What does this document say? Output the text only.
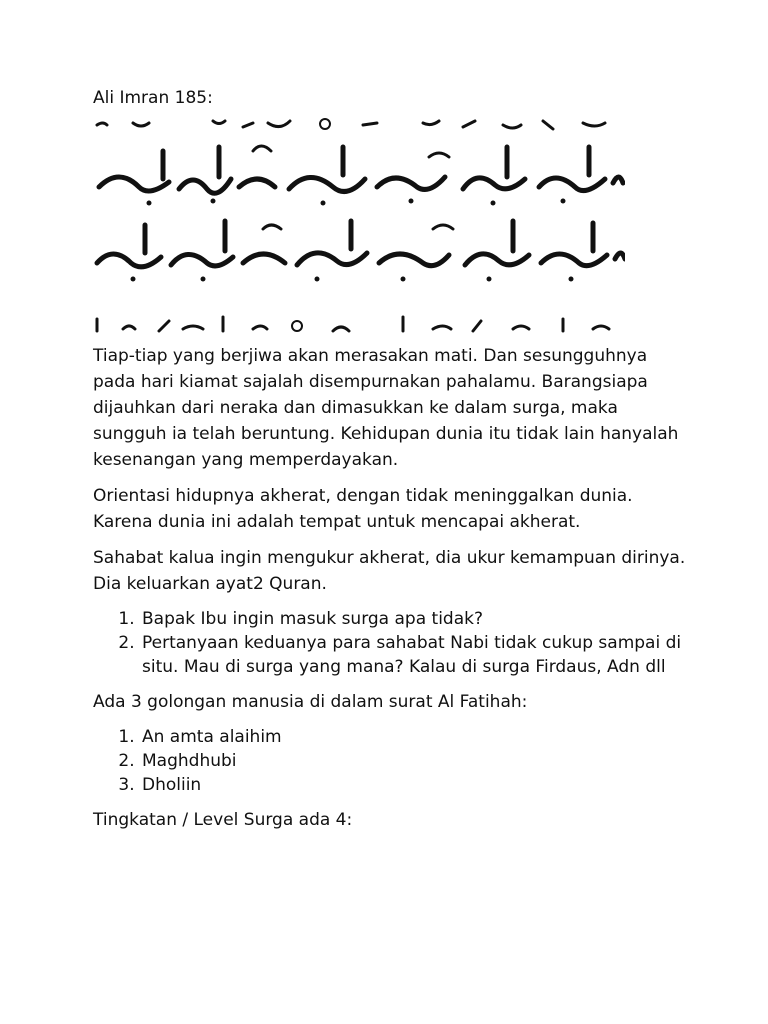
Ali Imran 185:

Tiap-tiap yang berjiwa akan merasakan mati. Dan sesungguhnya pada hari kiamat sajalah disempurnakan pahalamu. Barangsiapa dijauhkan dari neraka dan dimasukkan ke dalam surga, maka sungguh ia telah beruntung. Kehidupan dunia itu tidak lain hanyalah kesenangan yang memperdayakan.

Orientasi hidupnya akherat, dengan tidak meninggalkan dunia. Karena dunia ini adalah tempat untuk mencapai akherat.

Sahabat kalua ingin mengukur akherat, dia ukur kemampuan dirinya. Dia keluarkan ayat2 Quran.

1. Bapak Ibu ingin masuk surga apa tidak?
2. Pertanyaan keduanya para sahabat Nabi tidak cukup sampai di situ. Mau di surga yang mana? Kalau di surga Firdaus, Adn dll

Ada 3 golongan manusia di dalam surat Al Fatihah:

1. An amta alaihim
2. Maghdhubi
3. Dholiin

Tingkatan / Level Surga ada 4:
